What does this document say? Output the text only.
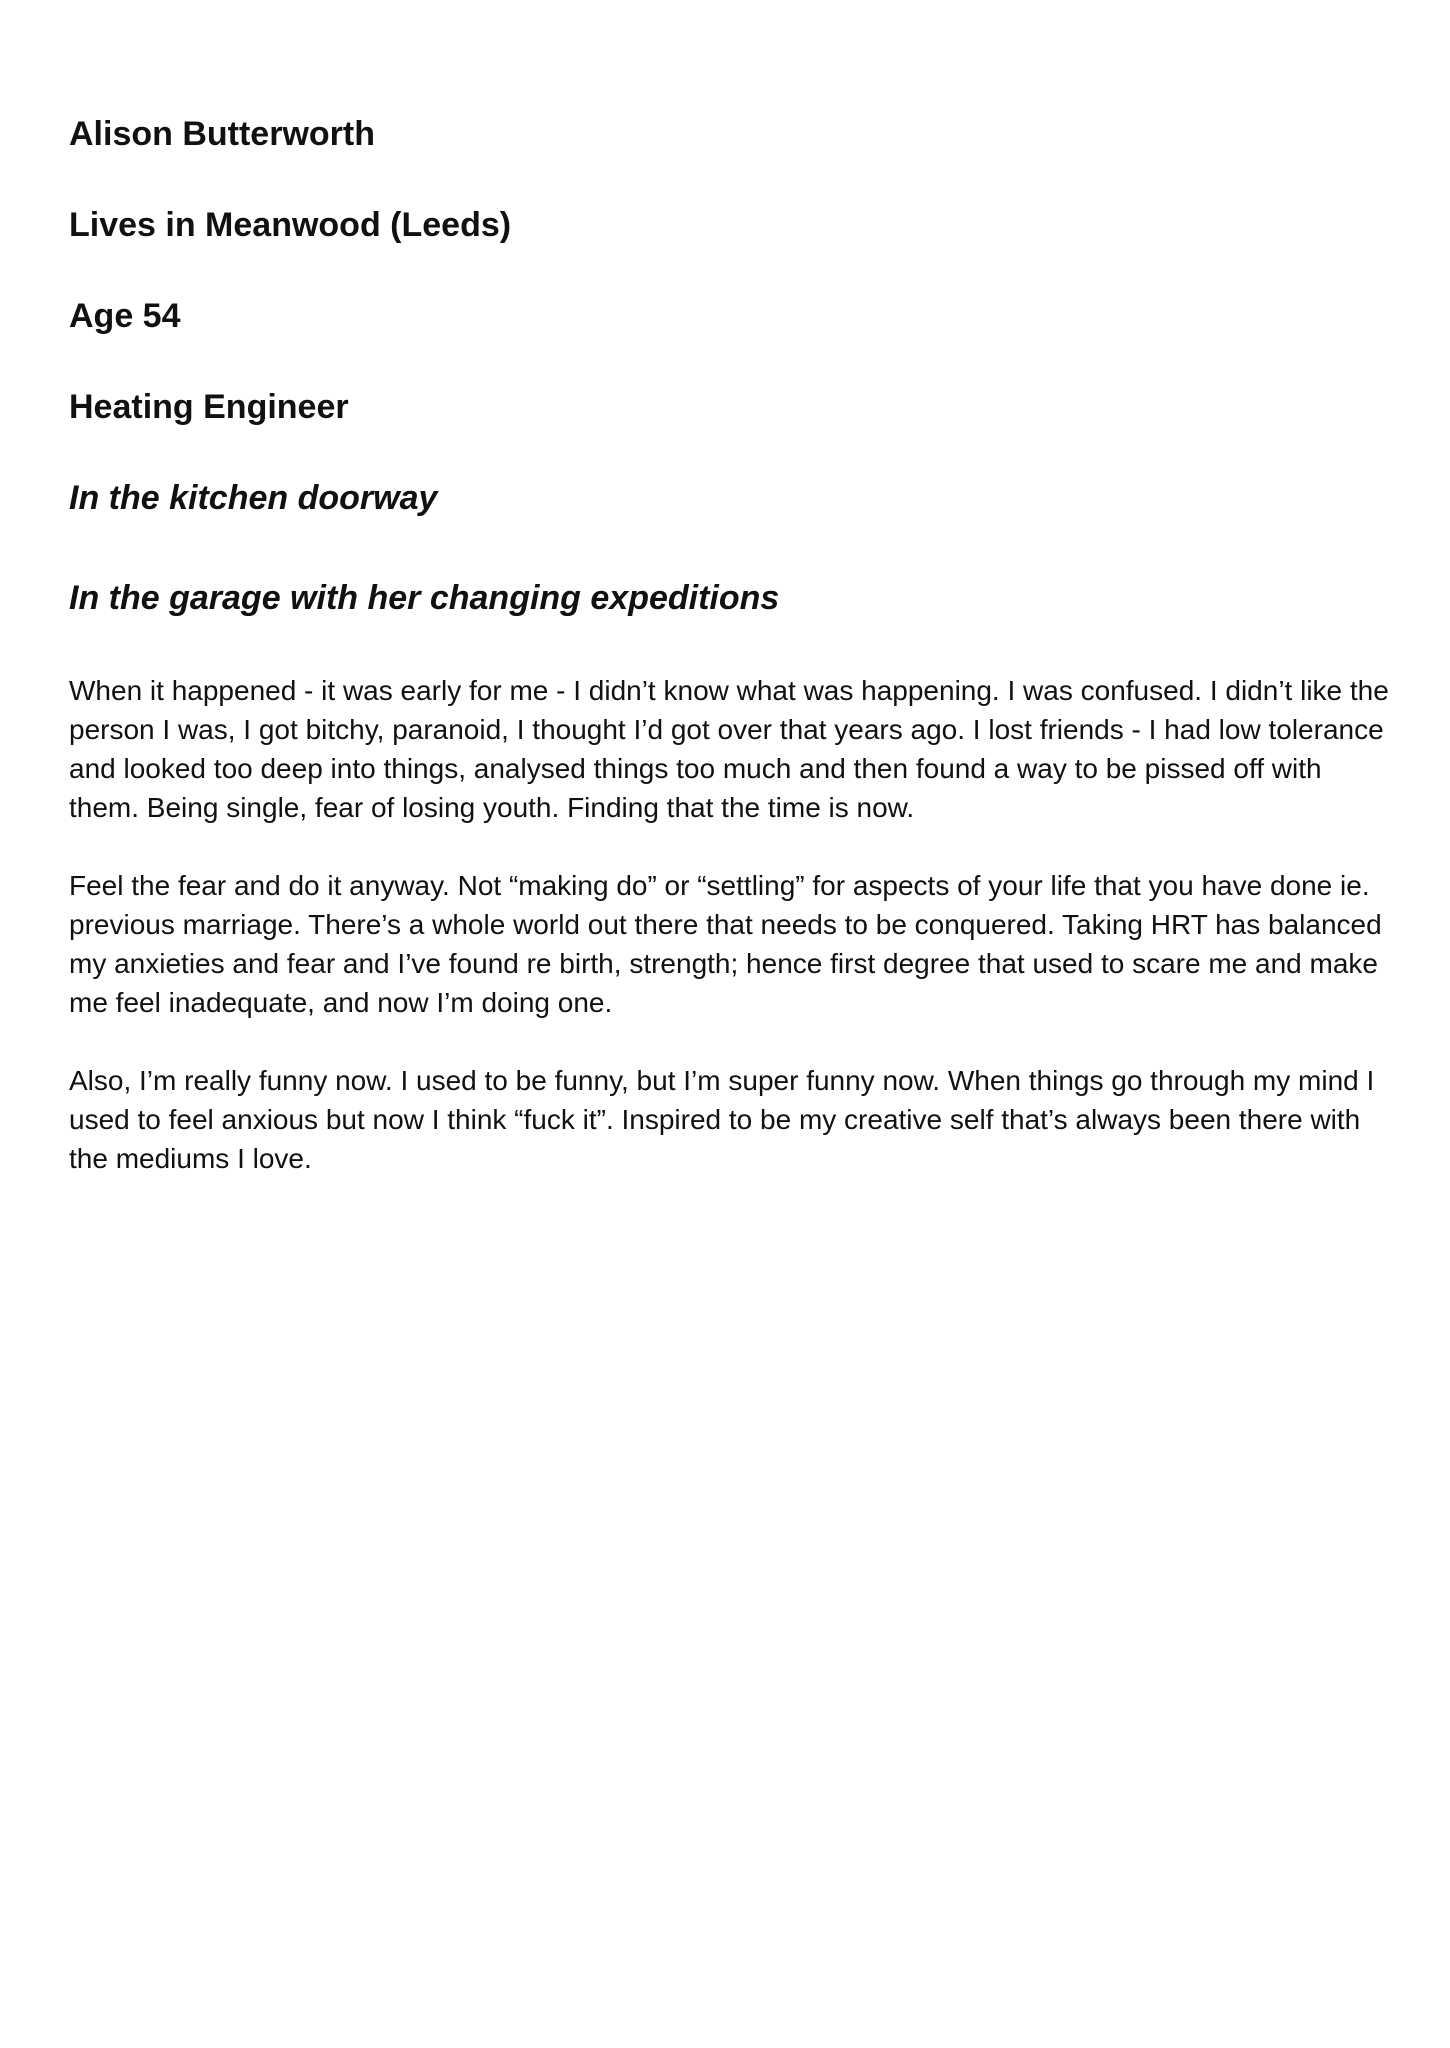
Alison Butterworth
Lives in Meanwood (Leeds)
Age 54
Heating Engineer
In the kitchen doorway
In the garage with her changing expeditions

When it happened - it was early for me - I didn’t know what was happening. I was confused. I didn’t like the person I was, I got bitchy, paranoid, I thought I’d got over that years ago. I lost friends - I had low tolerance and looked too deep into things, analysed things too much and then found a way to be pissed off with them. Being single, fear of losing youth. Finding that the time is now.

Feel the fear and do it anyway. Not “making do” or “settling” for aspects of your life that you have done ie. previous marriage. There’s a whole world out there that needs to be conquered. Taking HRT has balanced my anxieties and fear and I’ve found re birth, strength; hence first degree that used to scare me and make me feel inadequate, and now I’m doing one.

Also, I’m really funny now. I used to be funny, but I’m super funny now. When things go through my mind I used to feel anxious but now I think “fuck it”. Inspired to be my creative self that’s always been there with the mediums I love.
